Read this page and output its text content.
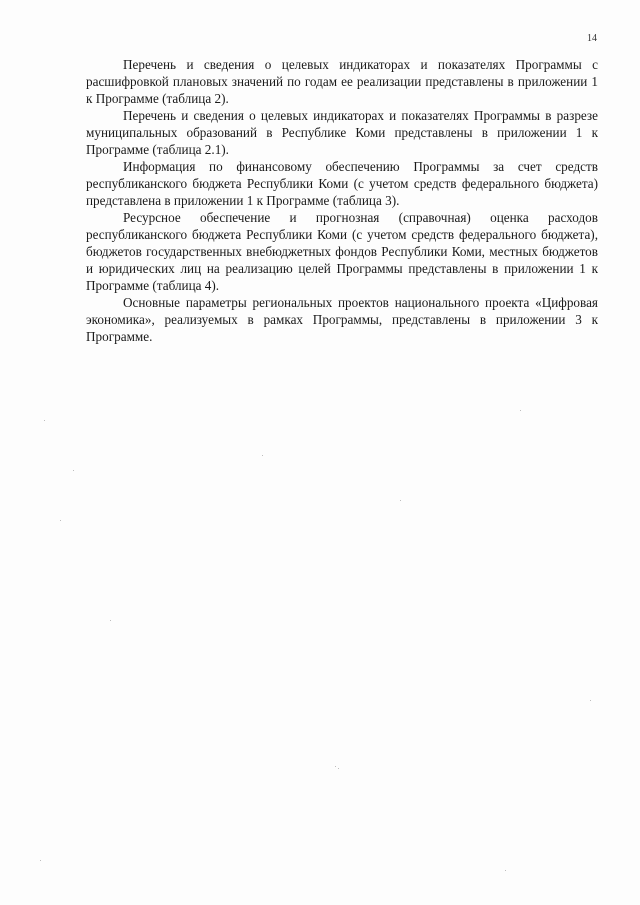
14

Перечень и сведения о целевых индикаторах и показателях Программы с расшифровкой плановых значений по годам ее реализации представлены в приложении 1 к Программе (таблица 2).

Перечень и сведения о целевых индикаторах и показателях Программы в разрезе муниципальных образований в Республике Коми представлены в приложении 1 к Программе (таблица 2.1).

Информация по финансовому обеспечению Программы за счет средств республиканского бюджета Республики Коми (с учетом средств федерального бюджета) представлена в приложении 1 к Программе (таблица 3).

Ресурсное обеспечение и прогнозная (справочная) оценка расходов республиканского бюджета Республики Коми (с учетом средств федерального бюджета), бюджетов государственных внебюджетных фондов Республики Коми, местных бюджетов и юридических лиц на реализацию целей Программы представлены в приложении 1 к Программе (таблица 4).

Основные параметры региональных проектов национального проекта «Цифровая экономика», реализуемых в рамках Программы, представлены в приложении 3 к Программе.
